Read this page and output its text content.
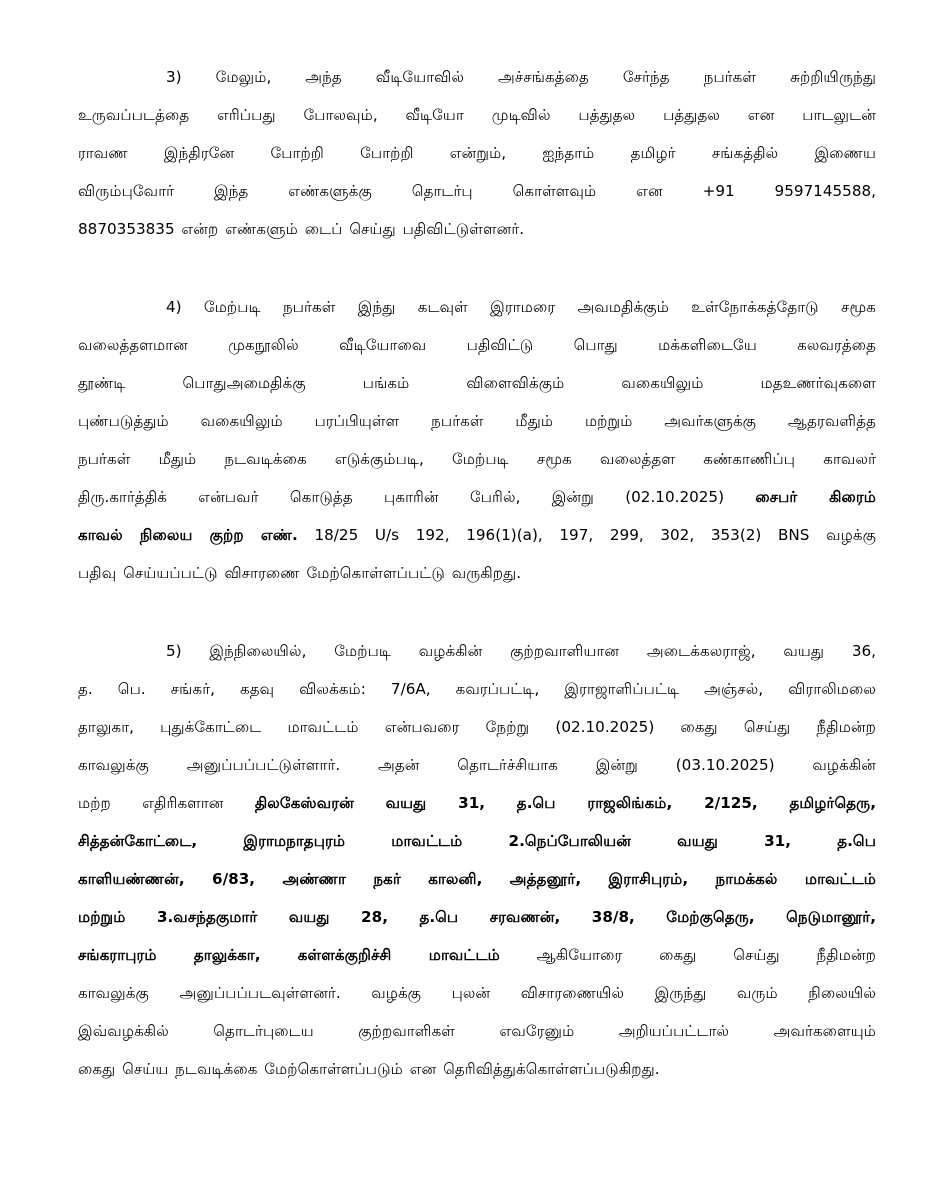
3) மேலும், அந்த வீடியோவில் அச்சங்கத்தை சேர்ந்த நபர்கள் சுற்றியிருந்து
உருவப்படத்தை எரிப்பது போலவும், வீடியோ முடிவில் பத்துதல பத்துதல என பாடலுடன்
ராவண இந்திரனே போற்றி போற்றி என்றும், ஐந்தாம் தமிழர் சங்கத்தில் இணைய
விரும்புவோர் இந்த எண்களுக்கு தொடர்பு கொள்ளவும் என +91 9597145588,
8870353835 என்ற எண்களும் டைப் செய்து பதிவிட்டுள்ளனர்.
4) மேற்படி நபர்கள் இந்து கடவுள் இராமரை அவமதிக்கும் உள்நோக்கத்தோடு சமூக
வலைத்தளமான முகநூலில் வீடியோவை பதிவிட்டு பொது மக்களிடையே கலவரத்தை
தூண்டி பொதுஅமைதிக்கு பங்கம் விளைவிக்கும் வகையிலும் மதஉணர்வுகளை
புண்படுத்தும் வகையிலும் பரப்பியுள்ள நபர்கள் மீதும் மற்றும் அவர்களுக்கு ஆதரவளித்த
நபர்கள் மீதும் நடவடிக்கை எடுக்கும்படி, மேற்படி சமூக வலைத்தள கண்காணிப்பு காவலர்
திரு.கார்த்திக் என்பவர் கொடுத்த புகாரின் பேரில், இன்று (02.10.2025) சைபர் கிரைம்
காவல் நிலைய குற்ற எண். 18/25 U/s 192, 196(1)(a), 197, 299, 302, 353(2) BNS வழக்கு
பதிவு செய்யப்பட்டு விசாரணை மேற்கொள்ளப்பட்டு வருகிறது.
5) இந்நிலையில், மேற்படி வழக்கின் குற்றவாளியான அடைக்கலராஜ், வயது 36,
த. பெ. சங்கர், கதவு விலக்கம்: 7/6A, கவரப்பட்டி, இராஜாளிப்பட்டி அஞ்சல், விராலிமலை
தாலுகா, புதுக்கோட்டை மாவட்டம் என்பவரை நேற்று (02.10.2025) கைது செய்து நீதிமன்ற
காவலுக்கு அனுப்பப்பட்டுள்ளார். அதன் தொடர்ச்சியாக இன்று (03.10.2025) வழக்கின்
மற்ற எதிரிகளான திலகேஸ்வரன் வயது 31, த.பெ ராஜலிங்கம், 2/125, தமிழர்தெரு,
சித்தன்கோட்டை, இராமநாதபுரம் மாவட்டம் 2.நெப்போலியன் வயது 31, த.பெ
காளியண்ணன், 6/83, அண்ணா நகர் காலனி, அத்தனூர், இராசிபுரம், நாமக்கல் மாவட்டம்
மற்றும் 3.வசந்தகுமார் வயது 28, த.பெ சரவணன், 38/8, மேற்குதெரு, நெடுமானூர்,
சங்கராபுரம் தாலுக்கா, கள்ளக்குறிச்சி மாவட்டம் ஆகியோரை கைது செய்து நீதிமன்ற
காவலுக்கு அனுப்பப்படவுள்ளனர். வழக்கு புலன் விசாரணையில் இருந்து வரும் நிலையில்
இவ்வழக்கில் தொடர்புடைய குற்றவாளிகள் எவரேனும் அறியப்பட்டால் அவர்களையும்
கைது செய்ய நடவடிக்கை மேற்கொள்ளப்படும் என தெரிவித்துக்கொள்ளப்படுகிறது.
